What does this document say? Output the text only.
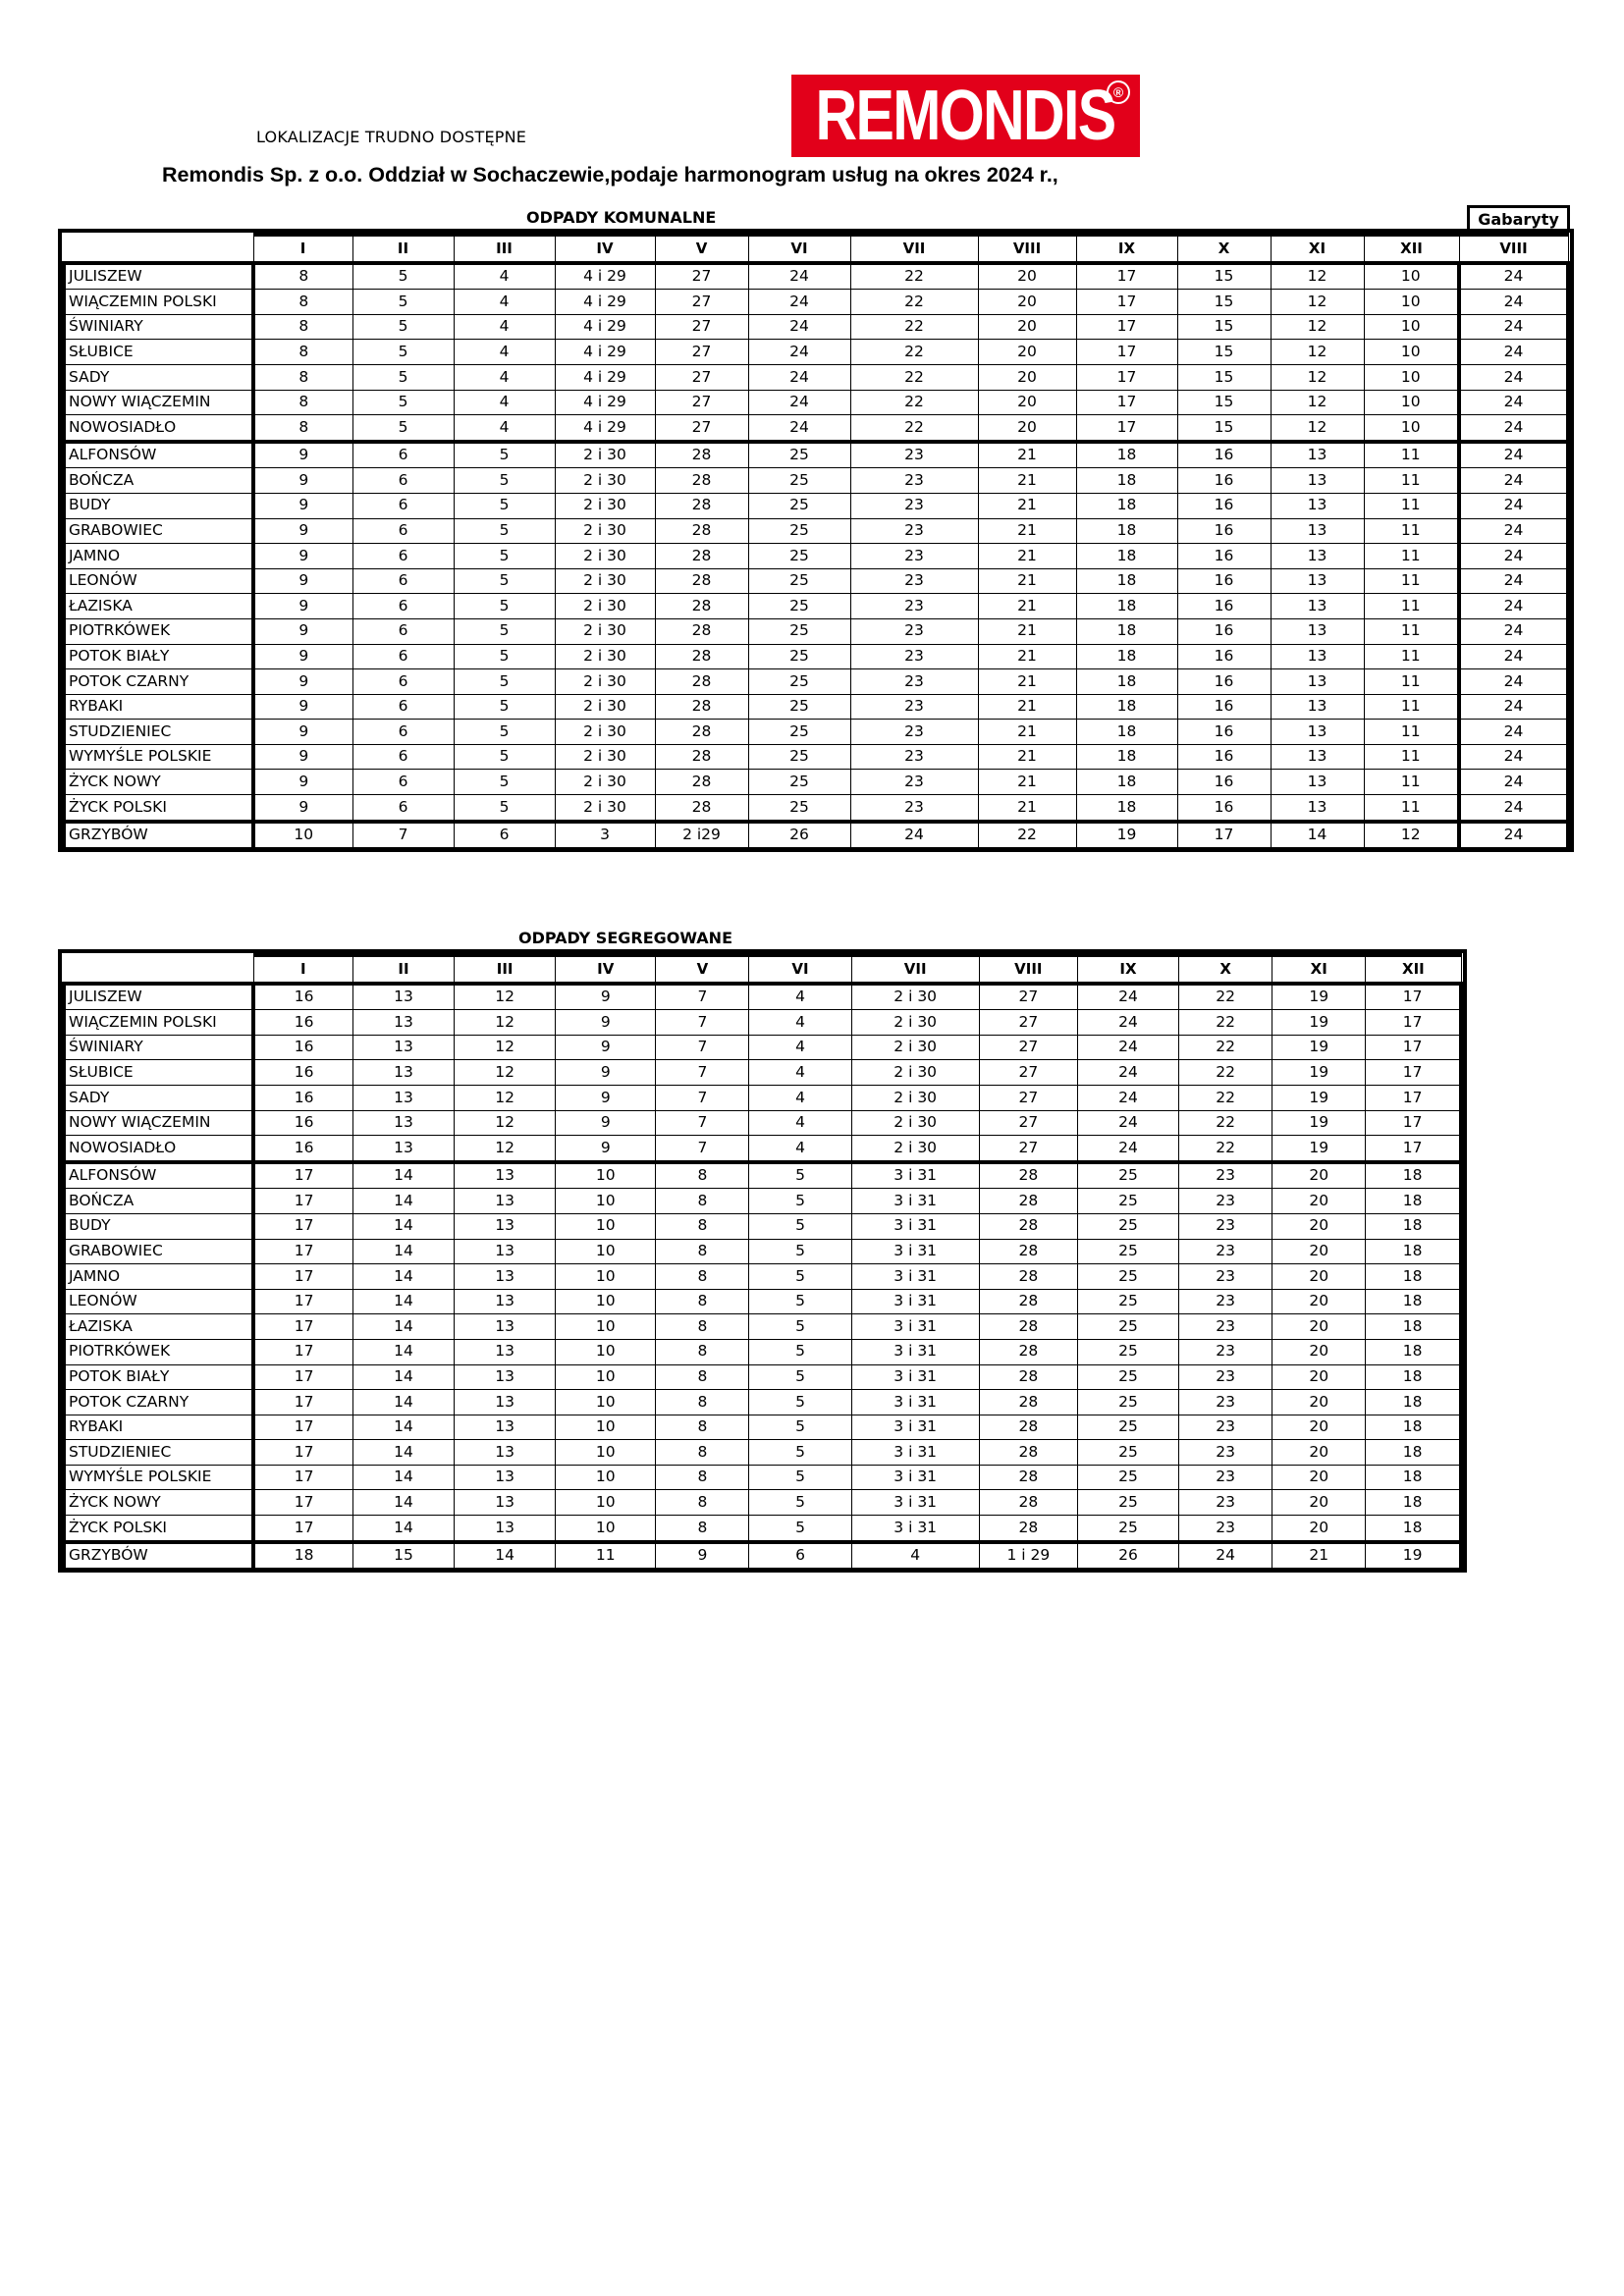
LOKALIZACJE TRUDNO DOSTĘPNE	REMONDIS
®
Remondis Sp. z o.o. Oddział w Sochaczewie,podaje harmonogram usług na okres 2024 r.,
ODPADY KOMUNALNE	Gabaryty
	I	II	III	IV	V	VI	VII	VIII	IX	X	XI	XII	VIII
JULISZEW	8	5	4	4 i 29	27	24	22	20	17	15	12	10	24
WIĄCZEMIN POLSKI	8	5	4	4 i 29	27	24	22	20	17	15	12	10	24
ŚWINIARY	8	5	4	4 i 29	27	24	22	20	17	15	12	10	24
SŁUBICE	8	5	4	4 i 29	27	24	22	20	17	15	12	10	24
SADY	8	5	4	4 i 29	27	24	22	20	17	15	12	10	24
NOWY WIĄCZEMIN	8	5	4	4 i 29	27	24	22	20	17	15	12	10	24
NOWOSIADŁO	8	5	4	4 i 29	27	24	22	20	17	15	12	10	24
ALFONSÓW	9	6	5	2 i 30	28	25	23	21	18	16	13	11	24
BOŃCZA	9	6	5	2 i 30	28	25	23	21	18	16	13	11	24
BUDY	9	6	5	2 i 30	28	25	23	21	18	16	13	11	24
GRABOWIEC	9	6	5	2 i 30	28	25	23	21	18	16	13	11	24
JAMNO	9	6	5	2 i 30	28	25	23	21	18	16	13	11	24
LEONÓW	9	6	5	2 i 30	28	25	23	21	18	16	13	11	24
ŁAZISKA	9	6	5	2 i 30	28	25	23	21	18	16	13	11	24
PIOTRKÓWEK	9	6	5	2 i 30	28	25	23	21	18	16	13	11	24
POTOK BIAŁY	9	6	5	2 i 30	28	25	23	21	18	16	13	11	24
POTOK CZARNY	9	6	5	2 i 30	28	25	23	21	18	16	13	11	24
RYBAKI	9	6	5	2 i 30	28	25	23	21	18	16	13	11	24
STUDZIENIEC	9	6	5	2 i 30	28	25	23	21	18	16	13	11	24
WYMYŚLE POLSKIE	9	6	5	2 i 30	28	25	23	21	18	16	13	11	24
ŻYCK NOWY	9	6	5	2 i 30	28	25	23	21	18	16	13	11	24
ŻYCK POLSKI	9	6	5	2 i 30	28	25	23	21	18	16	13	11	24
GRZYBÓW	10	7	6	3	2 i29	26	24	22	19	17	14	12	24
ODPADY SEGREGOWANE
	I	II	III	IV	V	VI	VII	VIII	IX	X	XI	XII
JULISZEW	16	13	12	9	7	4	2 i 30	27	24	22	19	17
WIĄCZEMIN POLSKI	16	13	12	9	7	4	2 i 30	27	24	22	19	17
ŚWINIARY	16	13	12	9	7	4	2 i 30	27	24	22	19	17
SŁUBICE	16	13	12	9	7	4	2 i 30	27	24	22	19	17
SADY	16	13	12	9	7	4	2 i 30	27	24	22	19	17
NOWY WIĄCZEMIN	16	13	12	9	7	4	2 i 30	27	24	22	19	17
NOWOSIADŁO	16	13	12	9	7	4	2 i 30	27	24	22	19	17
ALFONSÓW	17	14	13	10	8	5	3 i 31	28	25	23	20	18
BOŃCZA	17	14	13	10	8	5	3 i 31	28	25	23	20	18
BUDY	17	14	13	10	8	5	3 i 31	28	25	23	20	18
GRABOWIEC	17	14	13	10	8	5	3 i 31	28	25	23	20	18
JAMNO	17	14	13	10	8	5	3 i 31	28	25	23	20	18
LEONÓW	17	14	13	10	8	5	3 i 31	28	25	23	20	18
ŁAZISKA	17	14	13	10	8	5	3 i 31	28	25	23	20	18
PIOTRKÓWEK	17	14	13	10	8	5	3 i 31	28	25	23	20	18
POTOK BIAŁY	17	14	13	10	8	5	3 i 31	28	25	23	20	18
POTOK CZARNY	17	14	13	10	8	5	3 i 31	28	25	23	20	18
RYBAKI	17	14	13	10	8	5	3 i 31	28	25	23	20	18
STUDZIENIEC	17	14	13	10	8	5	3 i 31	28	25	23	20	18
WYMYŚLE POLSKIE	17	14	13	10	8	5	3 i 31	28	25	23	20	18
ŻYCK NOWY	17	14	13	10	8	5	3 i 31	28	25	23	20	18
ŻYCK POLSKI	17	14	13	10	8	5	3 i 31	28	25	23	20	18
GRZYBÓW	18	15	14	11	9	6	4	1 i 29	26	24	21	19
